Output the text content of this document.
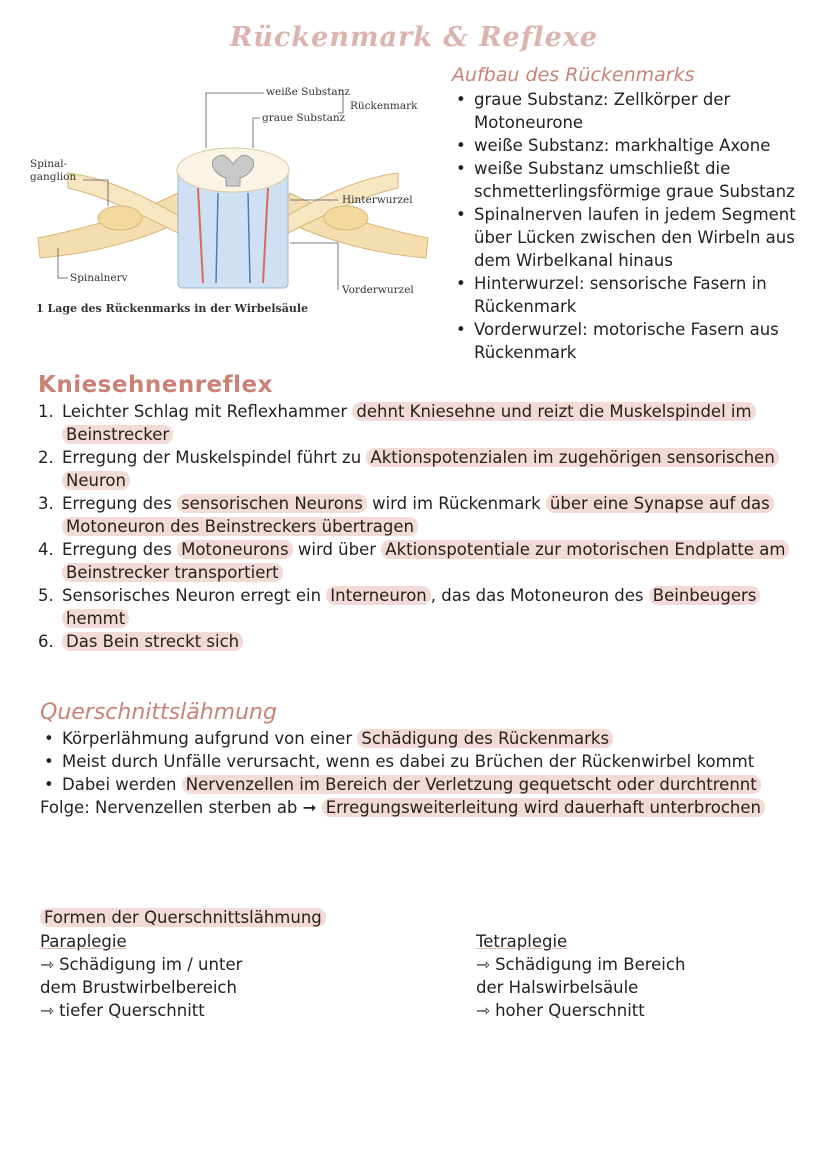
Rückenmark & Reflexe
weiße Substanz
graue Substanz
Rückenmark
Spinal-
ganglion
Hinterwurzel
Spinalnerv
Vorderwurzel
1 Lage des Rückenmarks in der Wirbelsäule
Aufbau des Rückenmarks
• graue Substanz: Zellkörper der Motoneurone
• weiße Substanz: markhaltige Axone
• weiße Substanz umschließt die schmetterlingsförmige graue Substanz
• Spinalnerven laufen in jedem Segment über Lücken zwischen den Wirbeln aus dem Wirbelkanal hinaus
• Hinterwurzel: sensorische Fasern in Rückenmark
• Vorderwurzel: motorische Fasern aus Rückenmark
Kniesehnenreflex
1. Leichter Schlag mit Reflexhammer dehnt Kniesehne und reizt die Muskelspindel im Beinstrecker
2. Erregung der Muskelspindel führt zu Aktionspotenzialen im zugehörigen sensorischen Neuron
3. Erregung des sensorischen Neurons wird im Rückenmark über eine Synapse auf das Motoneuron des Beinstreckers übertragen
4. Erregung des Motoneurons wird über Aktionspotentiale zur motorischen Endplatte am Beinstrecker transportiert
5. Sensorisches Neuron erregt ein Interneuron , das das Motoneuron des Beinbeugers hemmt
6. Das Bein streckt sich
Querschnittslähmung
• Körperlähmung aufgrund von einer Schädigung des Rückenmarks
• Meist durch Unfälle verursacht, wenn es dabei zu Brüchen der Rückenwirbel kommt
• Dabei werden Nervenzellen im Bereich der Verletzung gequetscht oder durchtrennt
Folge: Nervenzellen sterben ab ➞ Erregungsweiterleitung wird dauerhaft unterbrochen
Formen der Querschnittslähmung
Paraplegie
⇾ Schädigung im / unter
dem Brustwirbelbereich
⇾ tiefer Querschnitt
Tetraplegie
⇾ Schädigung im Bereich
der Halswirbelsäule
⇾ hoher Querschnitt
